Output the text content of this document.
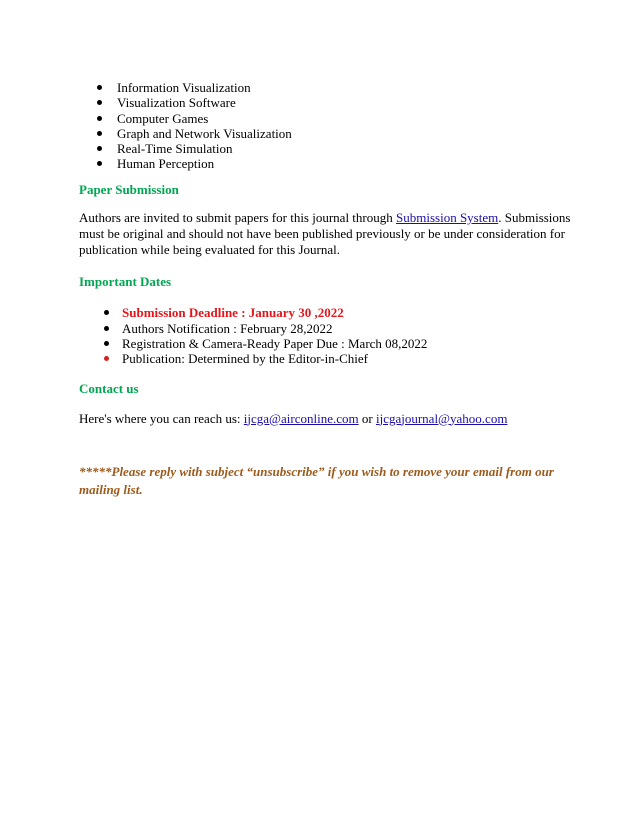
Information Visualization
Visualization Software
Computer Games
Graph and Network Visualization
Real-Time Simulation
Human Perception
Paper Submission

Authors are invited to submit papers for this journal through Submission System. Submissions must be original and should not have been published previously or be under consideration for publication while being evaluated for this Journal.

Important Dates
Submission Deadline : January 30 ,2022
Authors Notification : February 28,2022
Registration & Camera-Ready Paper Due : March 08,2022
Publication: Determined by the Editor-in-Chief
Contact us

Here's where you can reach us: ijcga@airconline.com or ijcgajournal@yahoo.com

*****Please reply with subject “unsubscribe” if you wish to remove your email from our mailing list.
